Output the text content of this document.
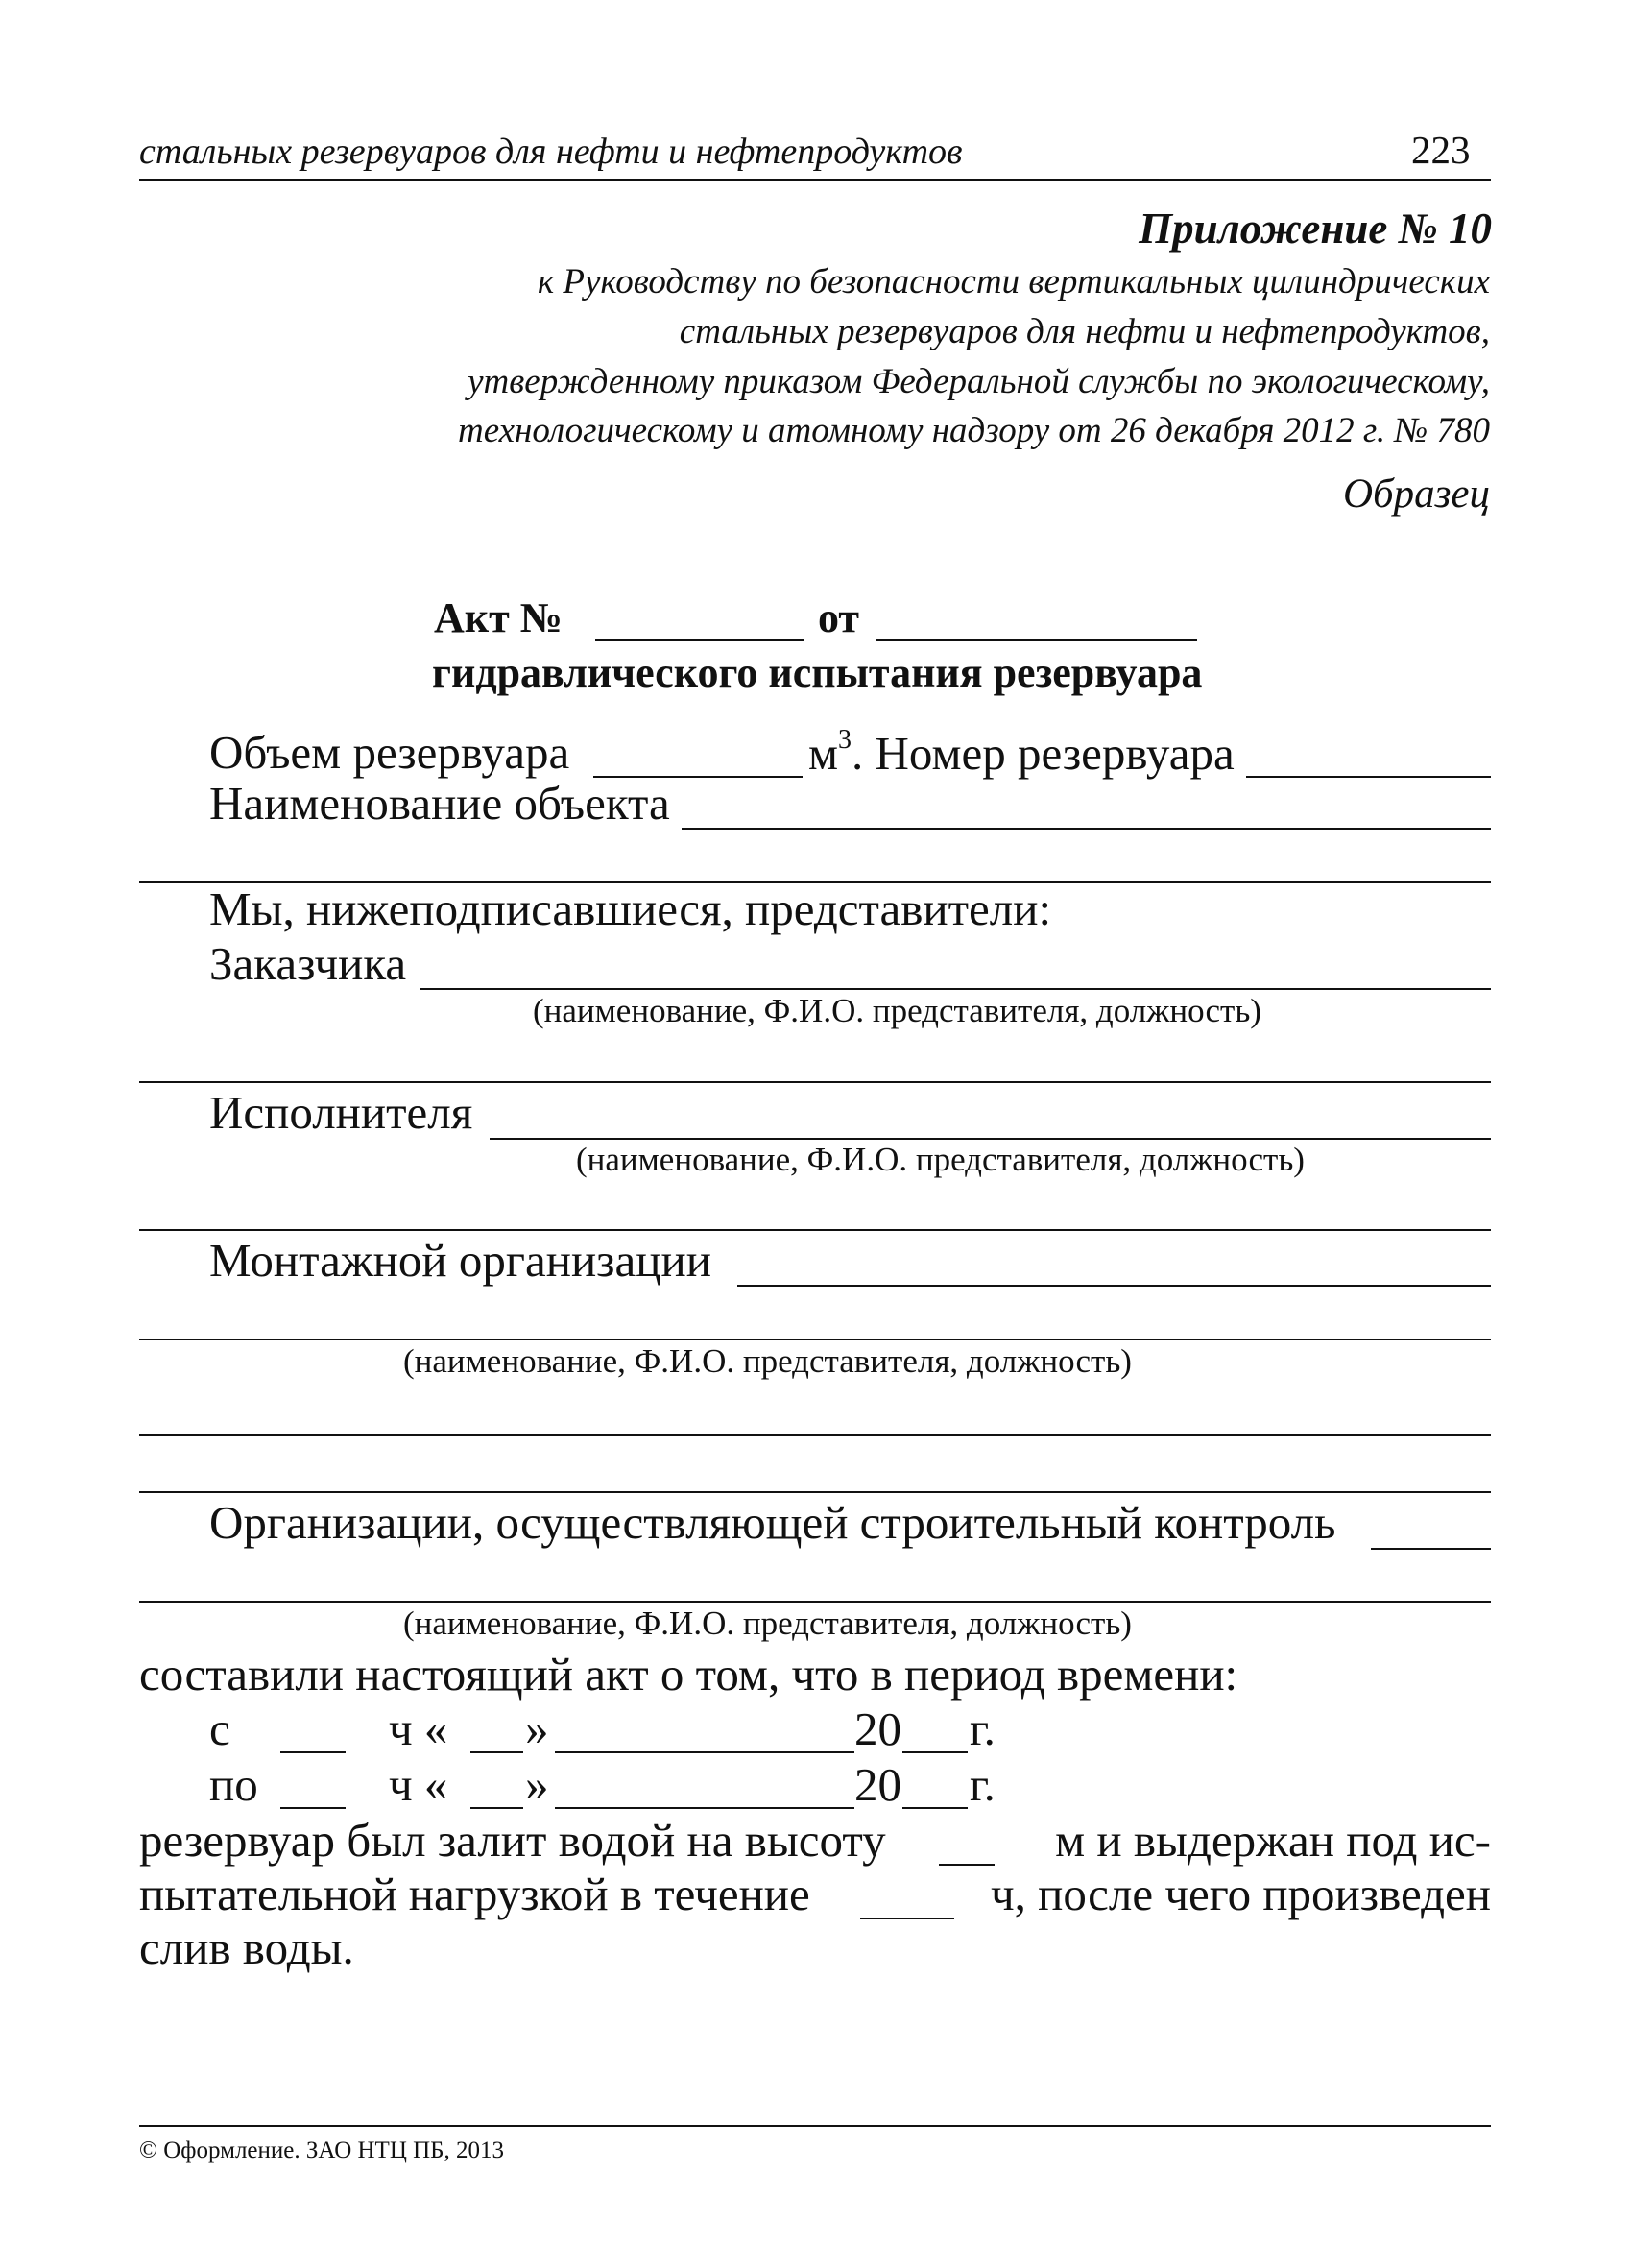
стальных резервуаров для нефти и нефтепродуктов	223
Приложение № 10
к Руководству по безопасности вертикальных цилиндрических
стальных резервуаров для нефти и нефтепродуктов,
утвержденному приказом Федеральной службы по экологическому,
технологическому и атомному надзору от 26 декабря 2012 г. № 780
Образец
Акт №	от
гидравлического испытания резервуара
Объем резервуара	$м^3$. Номер резервуара
Наименование объекта
Мы, нижеподписавшиеся, представители:
Заказчика
(наименование, Ф.И.О. представителя, должность)
Исполнителя
(наименование, Ф.И.О. представителя, должность)
Монтажной организации
(наименование, Ф.И.О. представителя, должность)
Организации, осуществляющей строительный контроль
(наименование, Ф.И.О. представителя, должность)
составили настоящий акт о том, что в период времени:
с	ч « »	20 г.
по	ч « »	20 г.
резервуар был залит водой на высоту	м и выдержан под ис-
пытательной нагрузкой в течение	ч, после чего произведен
слив воды.
© Оформление. ЗАО НТЦ ПБ, 2013
